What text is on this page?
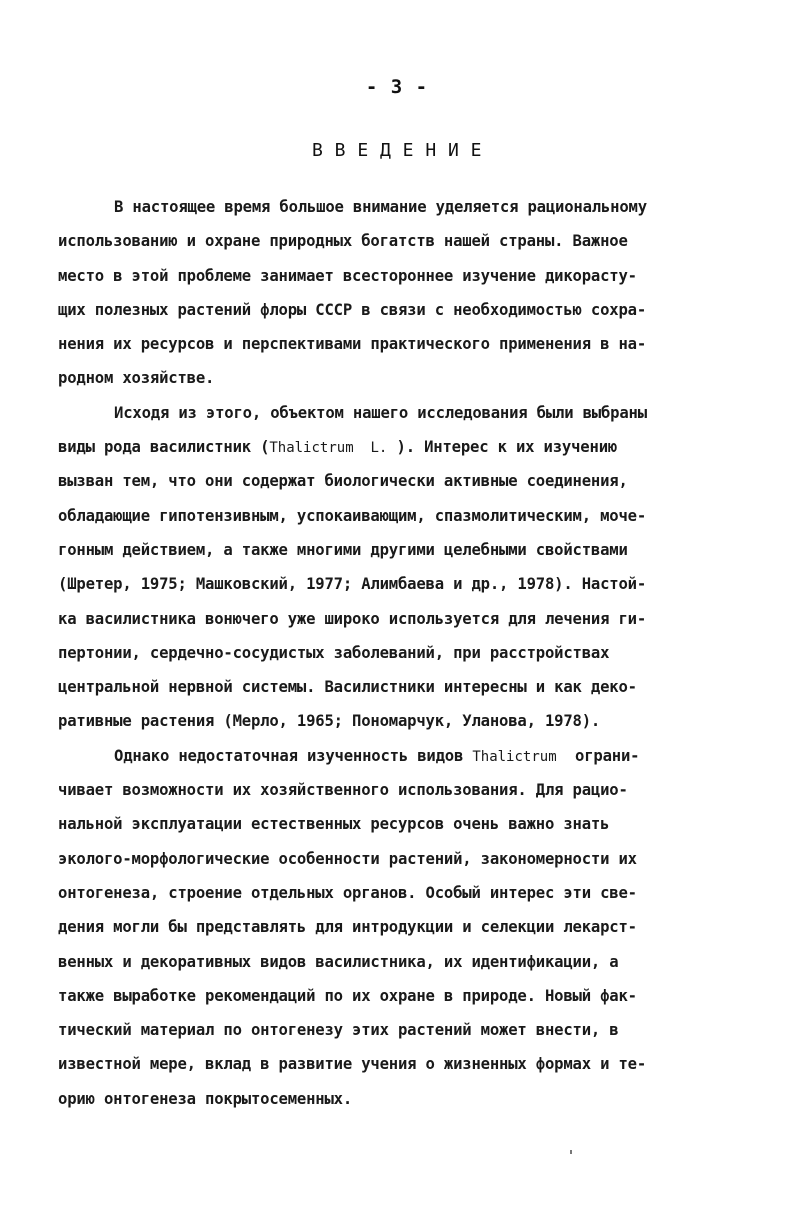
- 3 -
В В Е Д Е Н И Е
В настоящее время большое внимание уделяется рациональному
использованию и охране природных богатств нашей страны. Важное
место в этой проблеме занимает всестороннее изучение дикорасту-
щих полезных растений флоры СССР в связи с необходимостью сохра-
нения их ресурсов и перспективами практического применения в на-
родном хозяйстве.
Исходя из этого, объектом нашего исследования были выбраны
виды рода василистник (Thalictrum  L. ). Интерес к их изучению
вызван тем, что они содержат биологически активные соединения,
обладающие гипотензивным, успокаивающим, спазмолитическим, моче-
гонным действием, а также многими другими целебными свойствами
(Шретер, 1975; Машковский, 1977; Алимбаева и др., 1978). Настой-
ка василистника вонючего уже широко используется для лечения ги-
пертонии, сердечно-сосудистых заболеваний, при расстройствах
центральной нервной системы. Василистники интересны и как деко-
ративные растения (Мерло, 1965; Пономарчук, Уланова, 1978).
Однако недостаточная изученность видов Thalictrum  ограни-
чивает возможности их хозяйственного использования. Для рацио-
нальной эксплуатации естественных ресурсов очень важно знать
эколого-морфологические особенности растений, закономерности их
онтогенеза, строение отдельных органов. Особый интерес эти све-
дения могли бы представлять для интродукции и селекции лекарст-
венных и декоративных видов василистника, их идентификации, а
также выработке рекомендаций по их охране в природе. Новый фак-
тический материал по онтогенезу этих растений может внести, в
известной мере, вклад в развитие учения о жизненных формах и те-
орию онтогенеза покрытосеменных.
